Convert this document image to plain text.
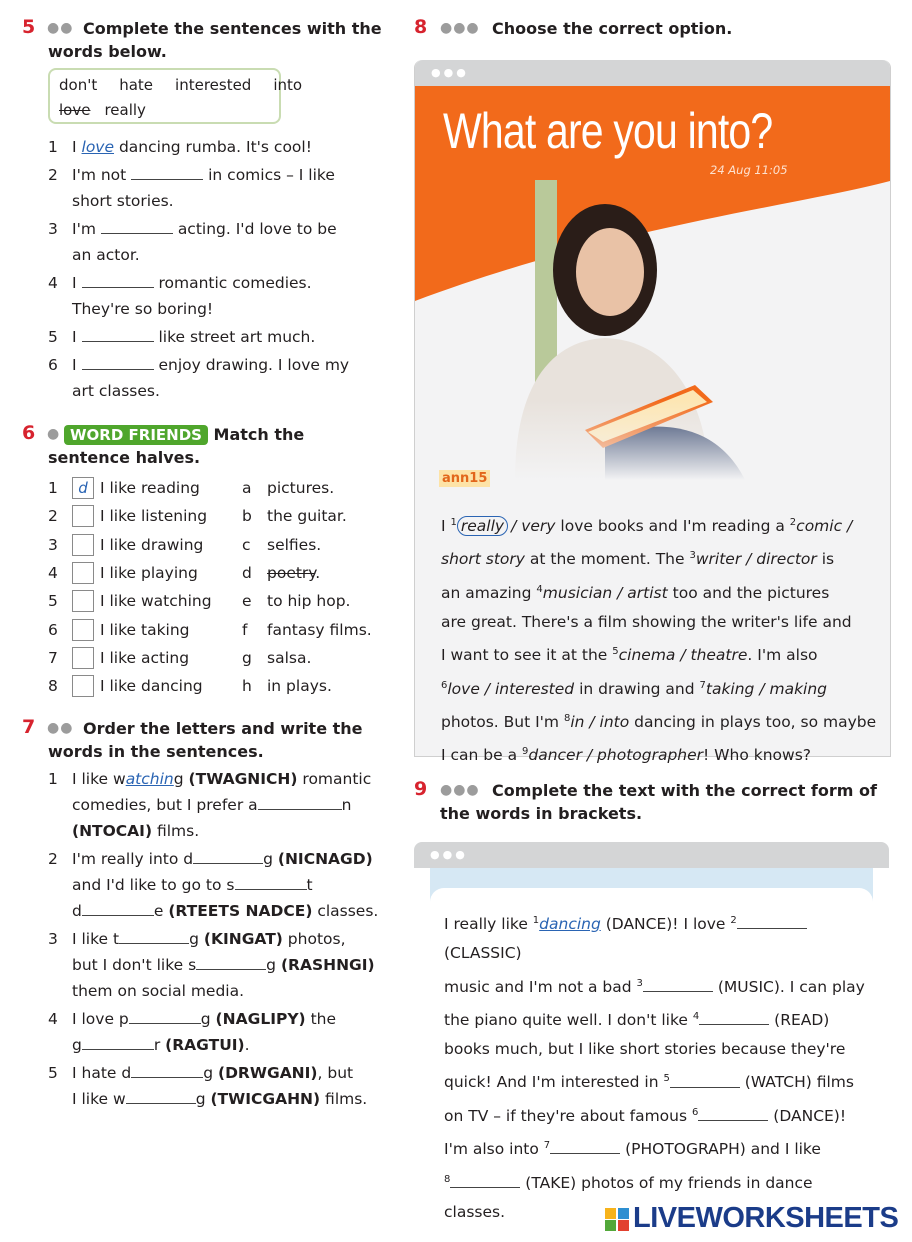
5 ●● Complete the sentences with the
words below.
don't hate interested into
love really
1 I love dancing rumba. It's cool!
2 I'm not	in comics – I like
short stories.
3 I'm	acting. I'd love to be
an actor.
4 I	romantic comedies.
They're so boring!
5 I	like street art much.
6 I	enjoy drawing. I love my
art classes.
6 ● WORD FRIENDS Match the
sentence halves.
1	d I like reading	a	pictures.
2	I like listening	b the guitar.
3	I like drawing	c	selfies.
4	I like playing	d poetry.
5	I like watching	e to hip hop.
6	I like taking	f	fantasy films.
7	I like acting	g salsa.
8	I like dancing	h in plays.
7 ●● Order the letters and write the
words in the sentences.
1 I like watching (TWAGNICH) romantic
comedies, but I prefer a	n
(NTOCAI) films.
2 I'm really into d	g (NICNAGD)
and I'd like to go to s	t
d	e (RTEETS NADCE) classes.
3 I like t	g (KINGAT) photos,
but I don't like s	g (RASHNGI)
them on social media.
4 I love p	g (NAGLIPY) the
g	r (RAGTUI).
5 I hate d	g (DRWGANI), but
I like w	g (TWICGAHN) films.
8 ●●● Choose the correct option.
●●●
What are you into?
24 Aug 11:05
ann15
I $^1$ really / very love books and I'm reading a $^2$comic /
short story at the moment. The $^3$writer / director is
an amazing $^4$musician / artist too and the pictures
are great. There's a film showing the writer's life and
I want to see it at the $^5$cinema / theatre. I'm also
$^6$love / interested in drawing and $^7$taking / making
photos. But I'm $^8$in / into dancing in plays too, so maybe
I can be a $^9$dancer / photographer! Who knows?
9 ●●● Complete the text with the correct form of
the words in brackets.
●●●
I really like $^1$dancing (DANCE)! I love $^2$ (CLASSIC)
music and I'm not a bad $^3$	(MUSIC). I can play
the piano quite well. I don't like $^4$	(READ)
books much, but I like short stories because they're
quick! And I'm interested in $^5$	(WATCH) films
on TV – if they're about famous $^6$	(DANCE)!
I'm also into $^7$	(PHOTOGRAPH) and I like
$^8$	(TAKE) photos of my friends in dance
classes.	LIVEWORKSHEETS
